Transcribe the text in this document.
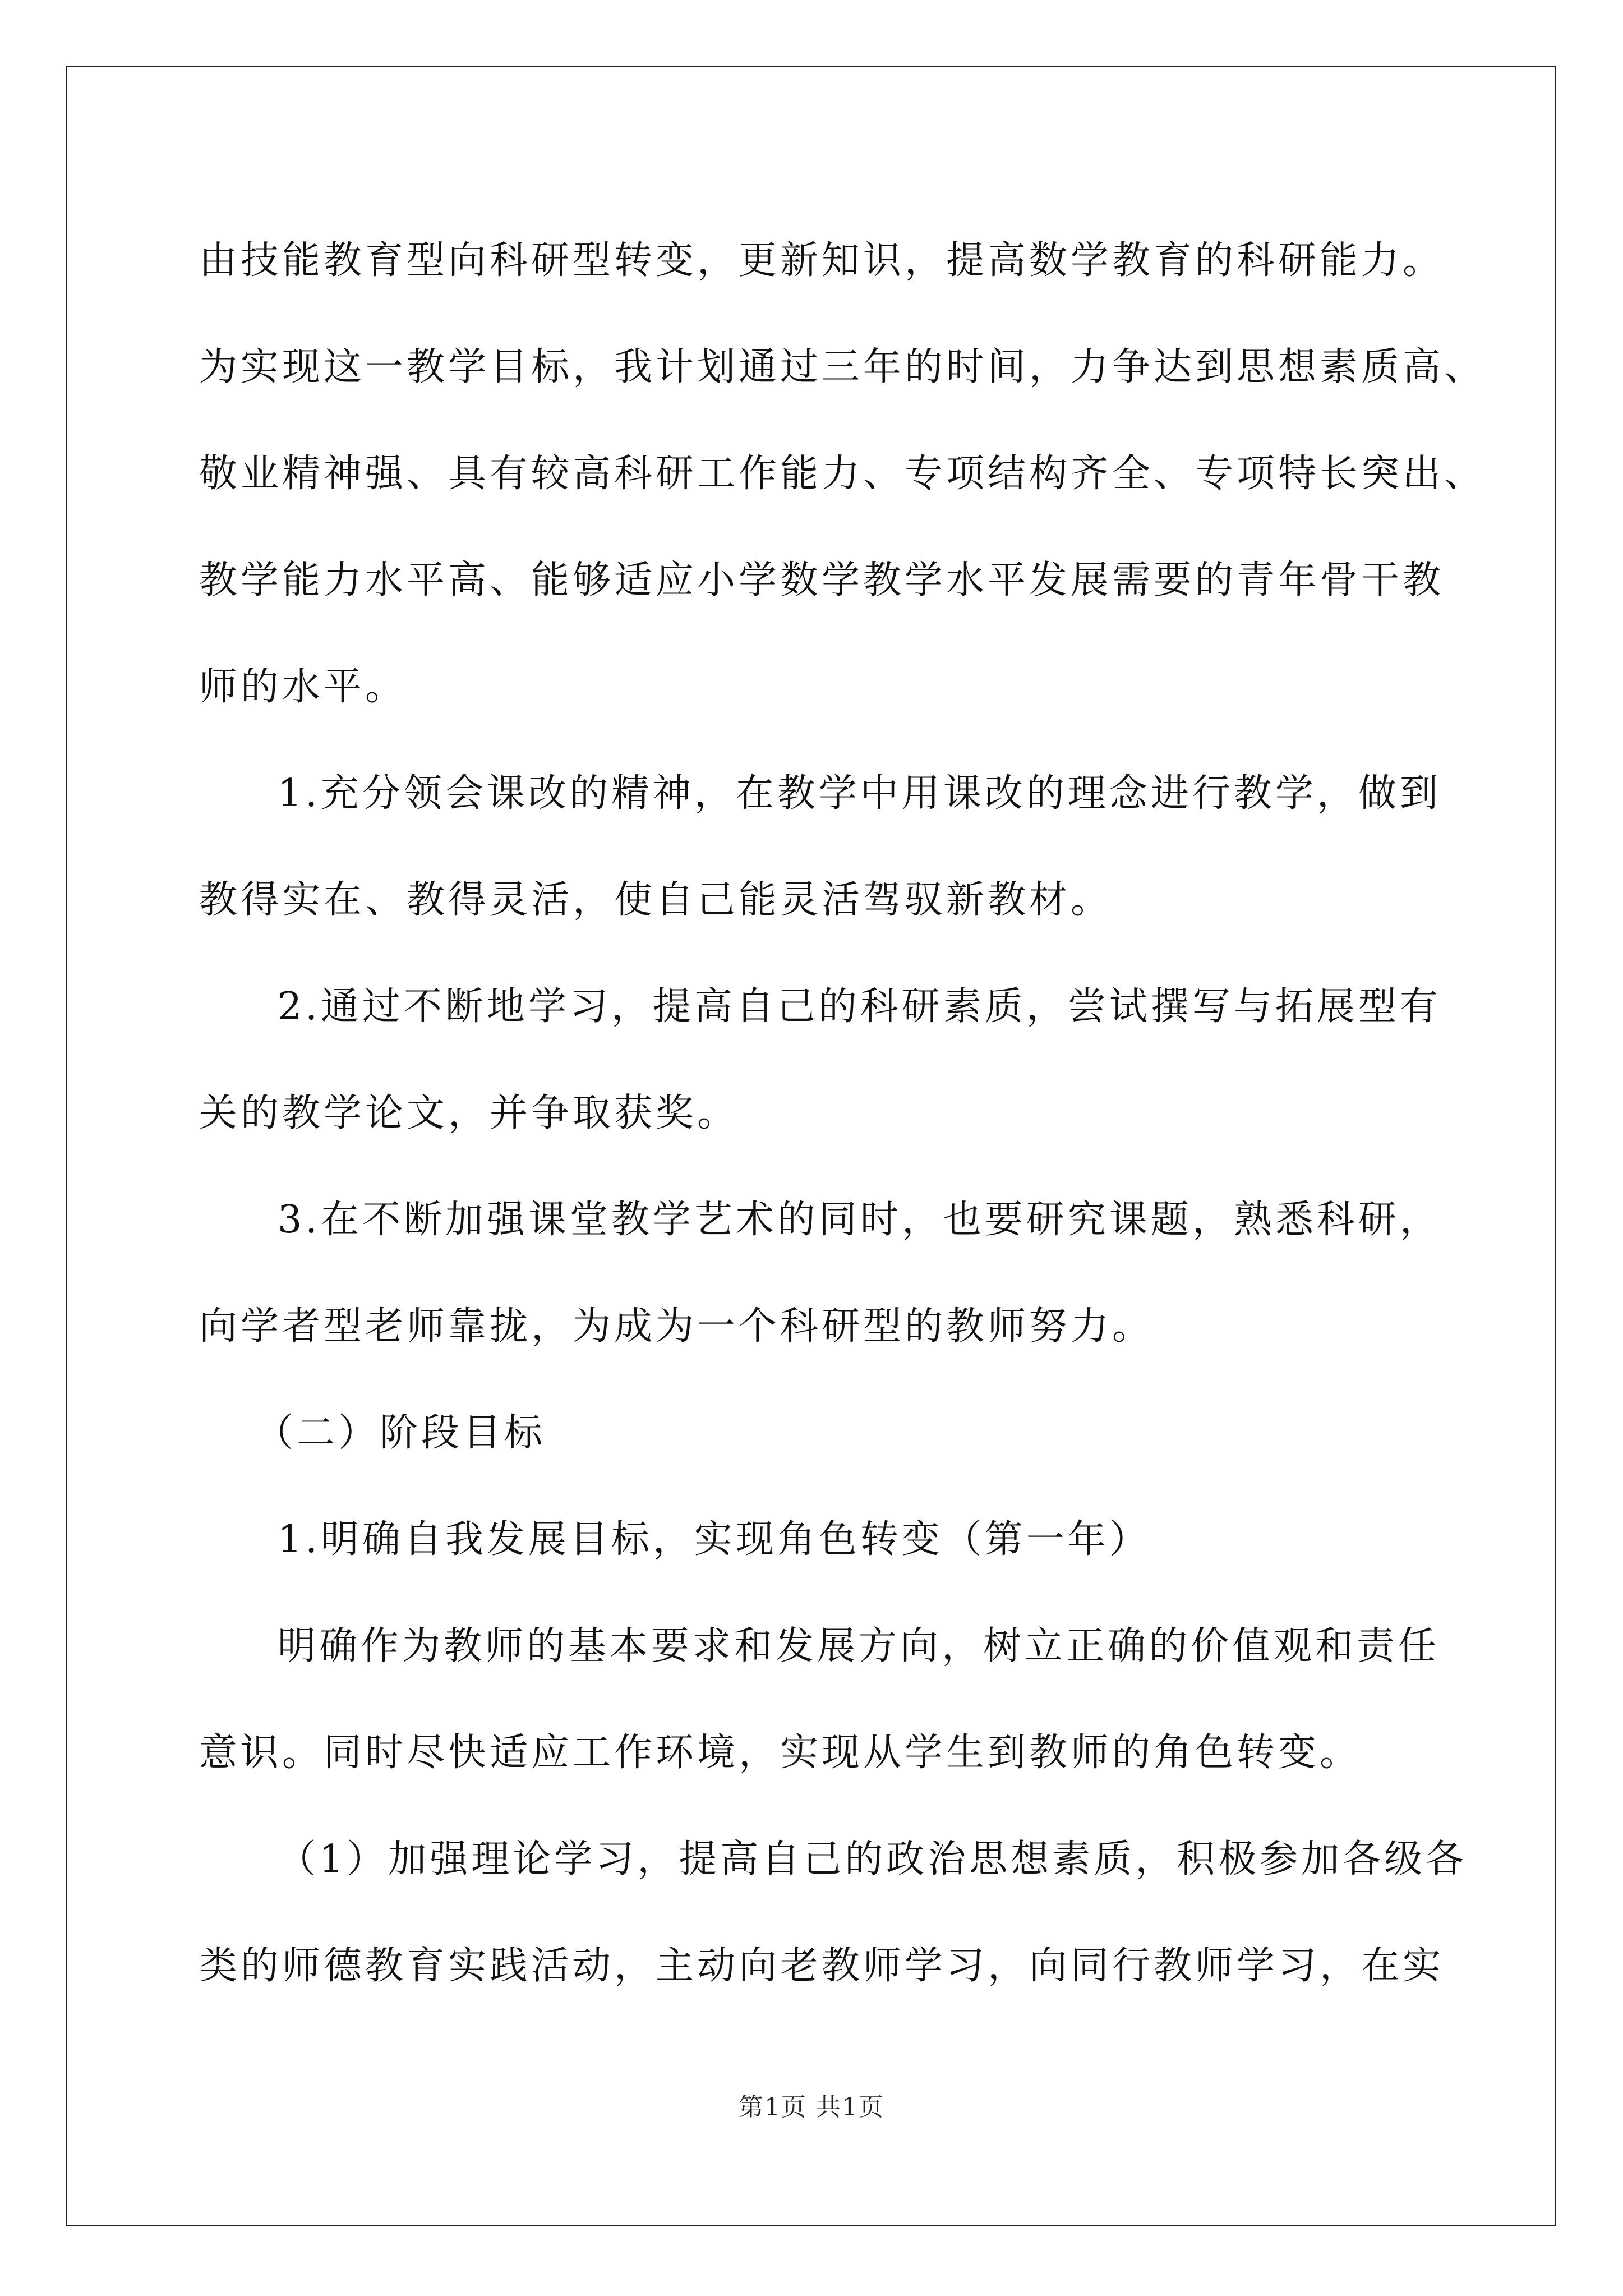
由技能教育型向科研型转变，更新知识，提高数学教育的科研能力。

为实现这一教学目标，我计划通过三年的时间，力争达到思想素质高、

敬业精神强、具有较高科研工作能力、专项结构齐全、专项特长突出、

教学能力水平高、能够适应小学数学教学水平发展需要的青年骨干教

师的水平。

1.充分领会课改的精神，在教学中用课改的理念进行教学，做到

教得实在、教得灵活，使自己能灵活驾驭新教材。

2.通过不断地学习，提高自己的科研素质，尝试撰写与拓展型有

关的教学论文，并争取获奖。

3.在不断加强课堂教学艺术的同时，也要研究课题，熟悉科研，

向学者型老师靠拢，为成为一个科研型的教师努力。

（二）阶段目标

1.明确自我发展目标，实现角色转变（第一年）

明确作为教师的基本要求和发展方向，树立正确的价值观和责任

意识。同时尽快适应工作环境，实现从学生到教师的角色转变。

（1）加强理论学习，提高自己的政治思想素质，积极参加各级各

类的师德教育实践活动，主动向老教师学习，向同行教师学习，在实

第1页 共1页
